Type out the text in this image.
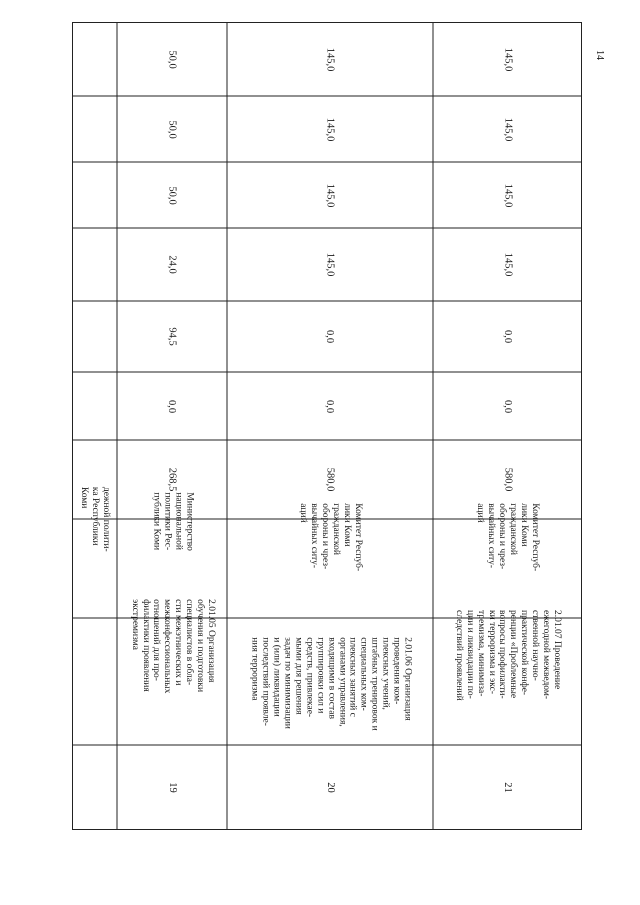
14
дежной полити-
ка Республики
Коми
19
2.01.05 Организация
обучения и подготовки
специалистов в обла-
сти межэтнических и
межконфессиональных
отношений для про-
филактики проявления
экстремизма
Министерство
национальной
политики Рес-
публики Коми
268,5
0,0
94,5
24,0
50,0
50,0
50,0
20
2.01.06 Организация
проведения ком-
плексных учений,
штабных тренировок и
специальных ком-
плексных занятий с
органами управления,
входящими в состав
группировки сил и
средств, привлекае-
мыми для решения
задач по минимизации
и (или) ликвидации
последствий проявле-
ния терроризма
Комитет Респуб-
лики Коми
гражданской
обороны и чрез-
вычайных ситу-
аций
580,0
0,0
0,0
145,0
145,0
145,0
145,0
21
2.01.07 Проведение
ежегодной межведом-
ственной научно-
практической конфе-
ренции «Проблемные
вопросы профилакти-
ки терроризма и экс-
тремизма, минимиза-
ции и ликвидации по-
следствий проявлений
Комитет Респуб-
лики Коми
гражданской
обороны и чрез-
вычайных ситу-
аций
580,0
0,0
0,0
145,0
145,0
145,0
145,0
